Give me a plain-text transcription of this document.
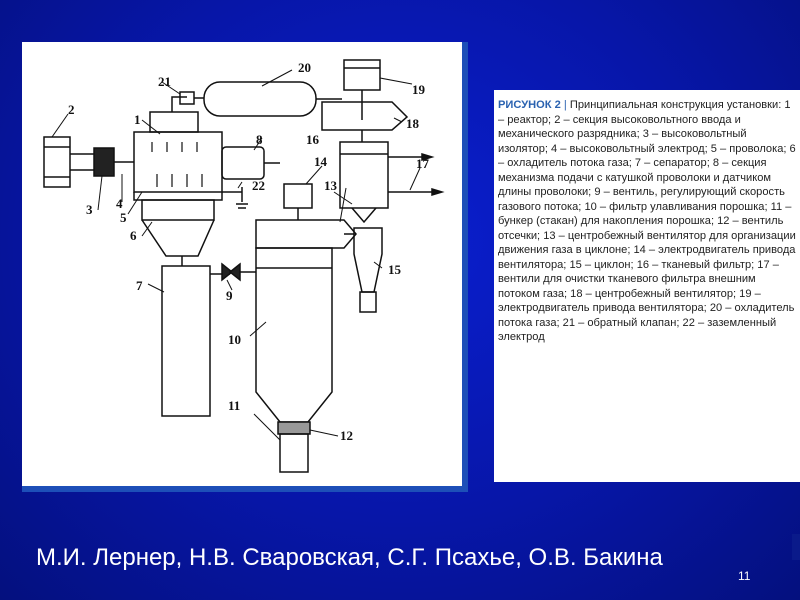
1
2
3 4
5
6
7
8
9
10
11
12
13
14
15
16
17
18
19
20
21
22
РИСУНОК 2 | Принципиальная конструкция установки: 1 – реактор; 2 – секция высоковольтного ввода и механического разрядника; 3 – высоковольтный изолятор; 4 – высоковольтный электрод; 5 – проволока; 6 – охладитель потока газа; 7 – сепаратор; 8 – секция механизма подачи с катушкой проволоки и датчиком длины проволоки; 9 – вентиль, регулирующий скорость газового потока; 10 – фильтр улавливания порошка; 11 – бункер (стакан) для накопления порошка; 12 – вентиль отсечки; 13 – центробежный вентилятор для организации движения газа в циклоне; 14 – электродвигатель привода вентилятора; 15 – циклон; 16 – тканевый фильтр; 17 – вентили для очистки тканевого фильтра внешним потоком газа; 18 – центробежный вентилятор; 19 – электродвигатель привода вентилятора; 20 – охладитель потока газа; 21 – обратный клапан; 22 – заземленный электрод
М.И. Лернер, Н.В. Сваровская, С.Г. Псахье, О.В. Бакина
11
